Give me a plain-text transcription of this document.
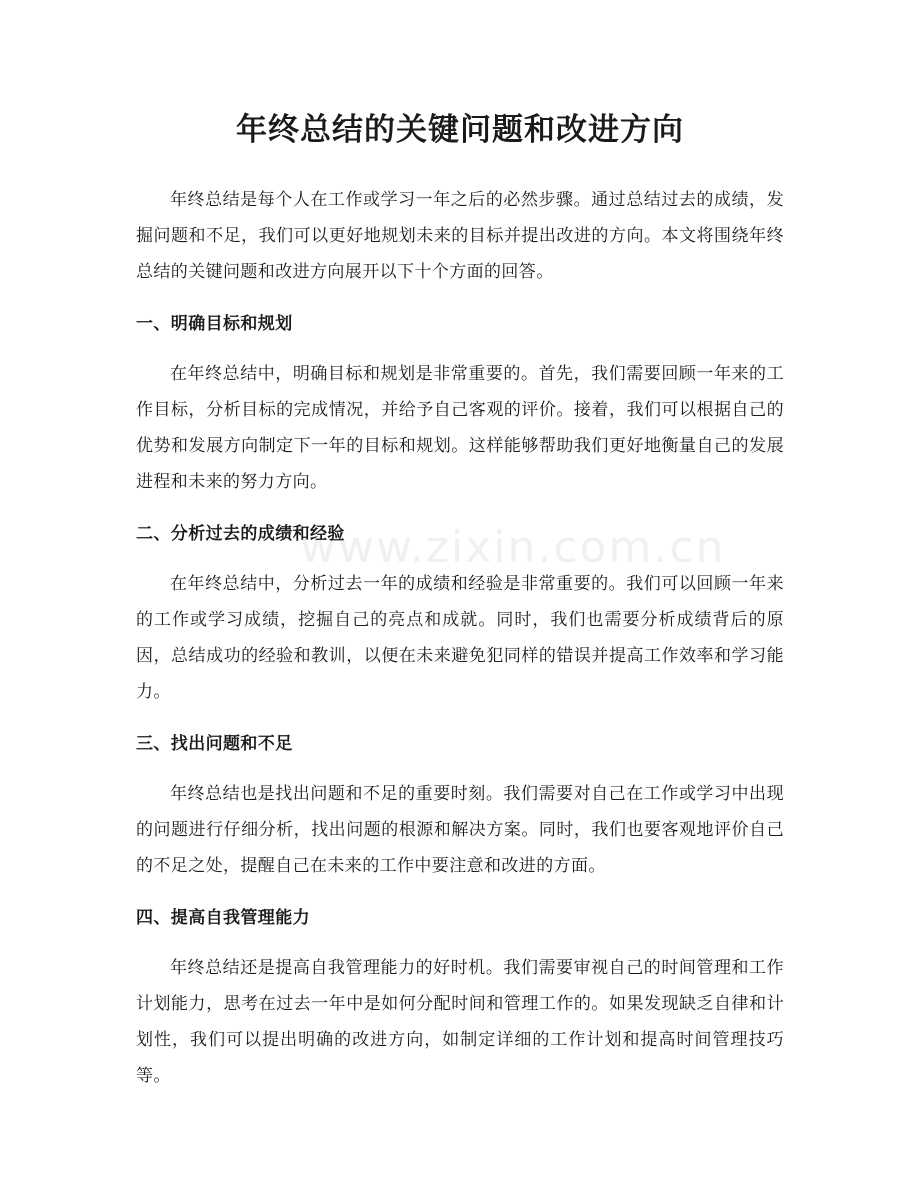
年终总结的关键问题和改进方向

年终总结是每个人在工作或学习一年之后的必然步骤。通过总结过去的成绩，发掘问题和不足，我们可以更好地规划未来的目标并提出改进的方向。本文将围绕年终总结的关键问题和改进方向展开以下十个方面的回答。

一、明确目标和规划

在年终总结中，明确目标和规划是非常重要的。首先，我们需要回顾一年来的工作目标，分析目标的完成情况，并给予自己客观的评价。接着，我们可以根据自己的优势和发展方向制定下一年的目标和规划。这样能够帮助我们更好地衡量自己的发展进程和未来的努力方向。

二、分析过去的成绩和经验

在年终总结中，分析过去一年的成绩和经验是非常重要的。我们可以回顾一年来的工作或学习成绩，挖掘自己的亮点和成就。同时，我们也需要分析成绩背后的原因，总结成功的经验和教训，以便在未来避免犯同样的错误并提高工作效率和学习能力。

三、找出问题和不足

年终总结也是找出问题和不足的重要时刻。我们需要对自己在工作或学习中出现的问题进行仔细分析，找出问题的根源和解决方案。同时，我们也要客观地评价自己的不足之处，提醒自己在未来的工作中要注意和改进的方面。

四、提高自我管理能力

年终总结还是提高自我管理能力的好时机。我们需要审视自己的时间管理和工作计划能力，思考在过去一年中是如何分配时间和管理工作的。如果发现缺乏自律和计划性，我们可以提出明确的改进方向，如制定详细的工作计划和提高时间管理技巧等。

www.zixin.com.cn
